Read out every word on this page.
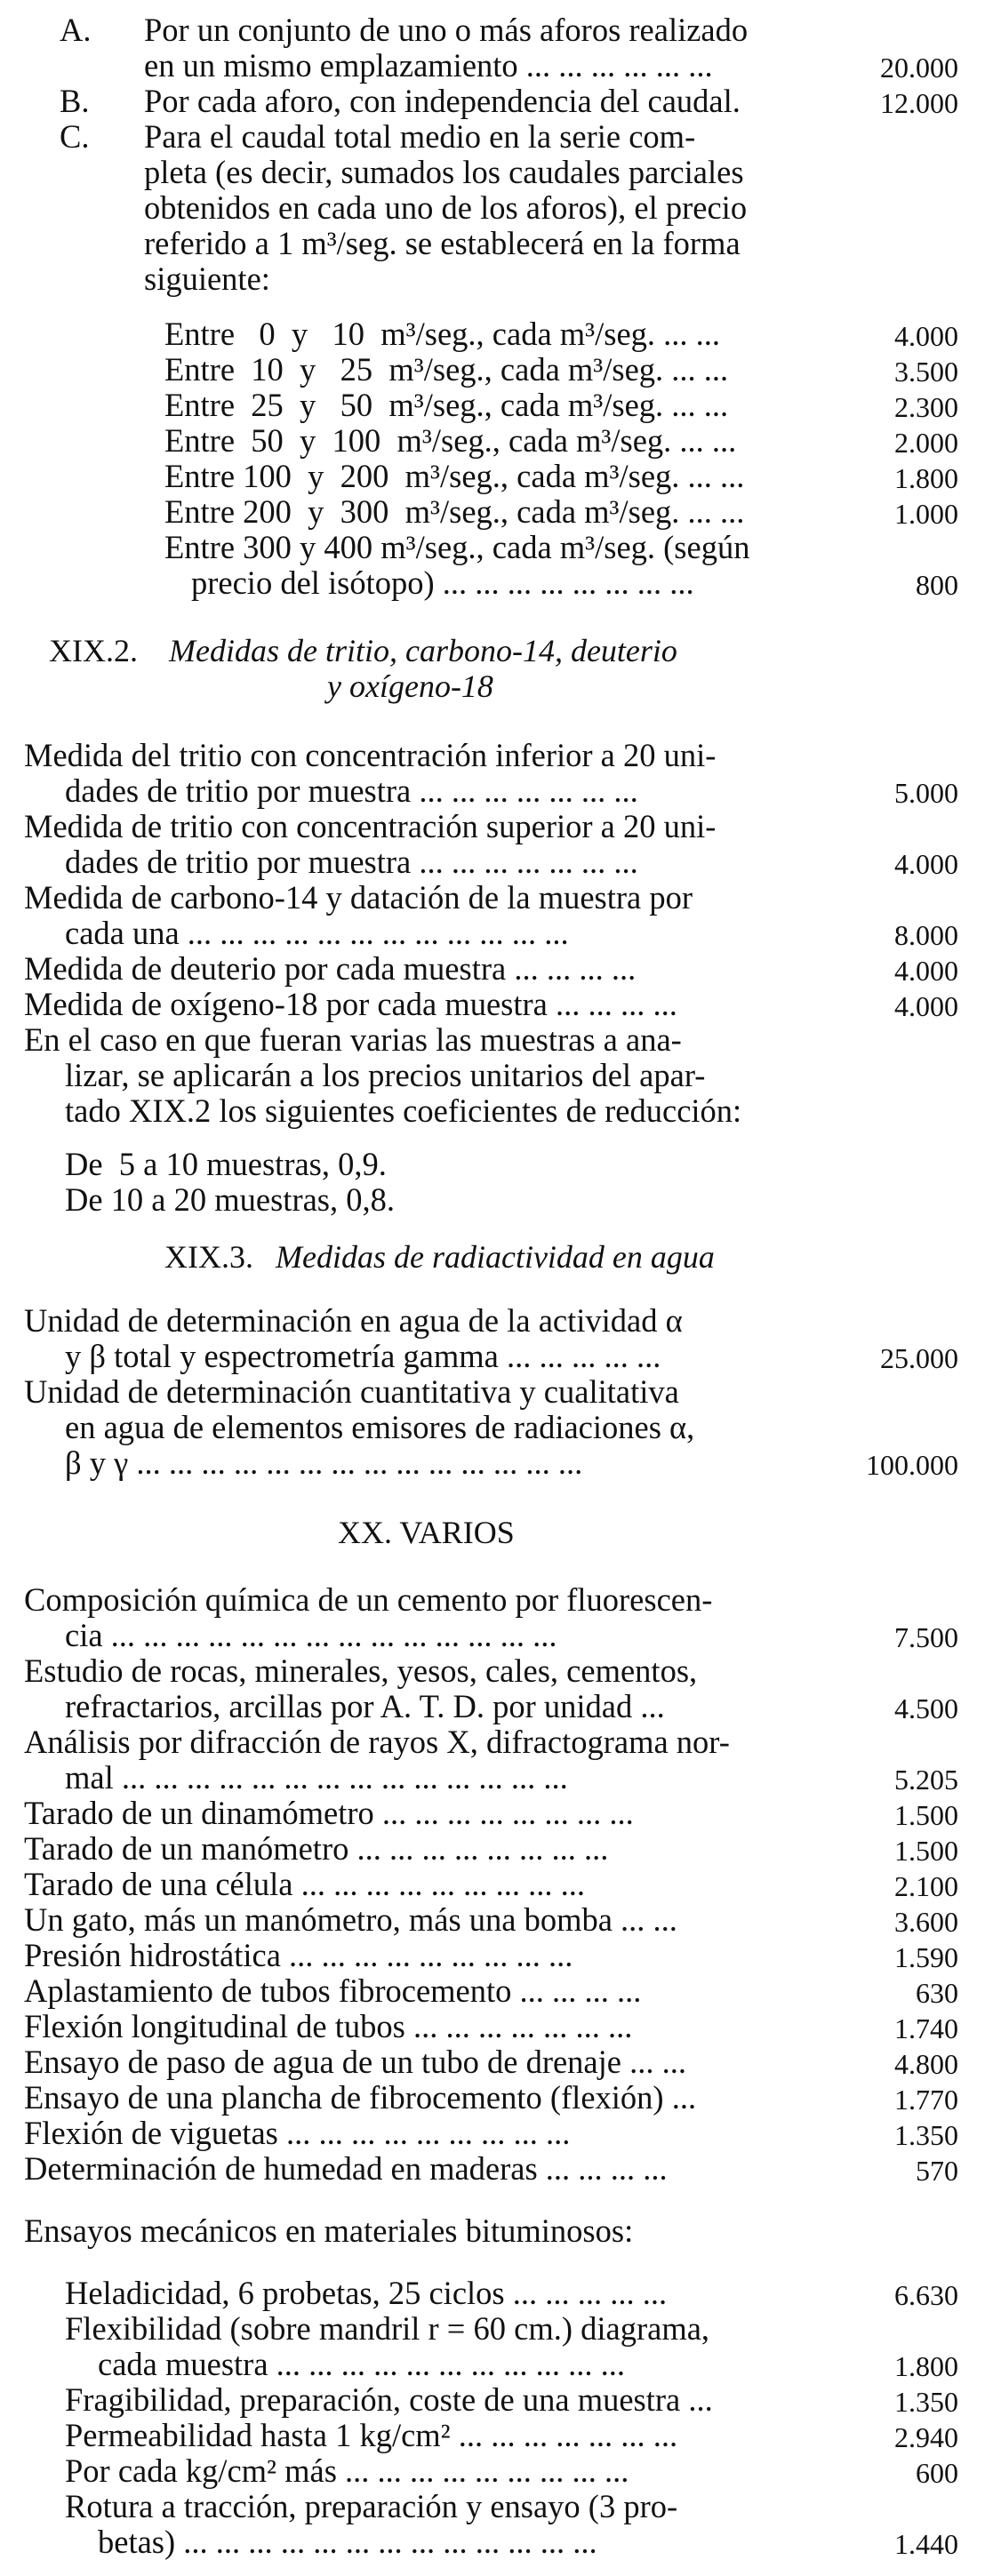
A. Por un conjunto de uno o más aforos realizado
en un mismo emplazamiento ... ... ... ... ... ...	20.000
B. Por cada aforo, con independencia del caudal.	12.000
C. Para el caudal total medio en la serie com-
pleta (es decir, sumados los caudales parciales
obtenidos en cada uno de los aforos), el precio
referido a 1 m³/seg. se establecerá en la forma
siguiente:
Entre   0  y   10  m³/seg., cada m³/seg. ... ...	4.000
Entre  10  y   25  m³/seg., cada m³/seg. ... ...	3.500
Entre  25  y   50  m³/seg., cada m³/seg. ... ...	2.300
Entre  50  y  100  m³/seg., cada m³/seg. ... ...	2.000
Entre 100  y  200  m³/seg., cada m³/seg. ... ...	1.800
Entre 200  y  300  m³/seg., cada m³/seg. ... ...	1.000
Entre 300 y 400 m³/seg., cada m³/seg. (según
precio del isótopo) ... ... ... ... ... ... ... ...	800
XIX.2. Medidas de tritio, carbono-14, deuterio
y oxígeno-18
Medida del tritio con concentración inferior a 20 uni-
dades de tritio por muestra ... ... ... ... ... ... ...	5.000
Medida de tritio con concentración superior a 20 uni-
dades de tritio por muestra ... ... ... ... ... ... ...	4.000
Medida de carbono-14 y datación de la muestra por
cada una ... ... ... ... ... ... ... ... ... ... ... ...	8.000
Medida de deuterio por cada muestra ... ... ... ...	4.000
Medida de oxígeno-18 por cada muestra ... ... ... ...	4.000
En el caso en que fueran varias las muestras a ana-
lizar, se aplicarán a los precios unitarios del apar-
tado XIX.2 los siguientes coeficientes de reducción:
De  5 a 10 muestras, 0,9.
De 10 a 20 muestras, 0,8.
XIX.3. Medidas de radiactividad en agua
Unidad de determinación en agua de la actividad α
y β total y espectrometría gamma ... ... ... ... ...	25.000
Unidad de determinación cuantitativa y cualitativa
en agua de elementos emisores de radiaciones α,
β y γ ... ... ... ... ... ... ... ... ... ... ... ... ... ...	100.000
XX. VARIOS
Composición química de un cemento por fluorescen-
cia ... ... ... ... ... ... ... ... ... ... ... ... ... ...	7.500
Estudio de rocas, minerales, yesos, cales, cementos,
refractarios, arcillas por A. T. D. por unidad ...	4.500
Análisis por difracción de rayos X, difractograma nor-
mal ... ... ... ... ... ... ... ... ... ... ... ... ... ...	5.205
Tarado de un dinamómetro ... ... ... ... ... ... ... ...	1.500
Tarado de un manómetro ... ... ... ... ... ... ... ...	1.500
Tarado de una célula ... ... ... ... ... ... ... ... ...	2.100
Un gato, más un manómetro, más una bomba ... ...	3.600
Presión hidrostática ... ... ... ... ... ... ... ... ...	1.590
Aplastamiento de tubos fibrocemento ... ... ... ...	630
Flexión longitudinal de tubos ... ... ... ... ... ... ...	1.740
Ensayo de paso de agua de un tubo de drenaje ... ...	4.800
Ensayo de una plancha de fibrocemento (flexión) ...	1.770
Flexión de viguetas ... ... ... ... ... ... ... ... ...	1.350
Determinación de humedad en maderas ... ... ... ...	570
Ensayos mecánicos en materiales bituminosos:
Heladicidad, 6 probetas, 25 ciclos ... ... ... ... ...	6.630
Flexibilidad (sobre mandril r = 60 cm.) diagrama,
cada muestra ... ... ... ... ... ... ... ... ... ... ...	1.800
Fragibilidad, preparación, coste de una muestra ...	1.350
Permeabilidad hasta 1 kg/cm² ... ... ... ... ... ... ...	2.940
Por cada kg/cm² más ... ... ... ... ... ... ... ... ...	600
Rotura a tracción, preparación y ensayo (3 pro-
betas) ... ... ... ... ... ... ... ... ... ... ... ... ...	1.440
